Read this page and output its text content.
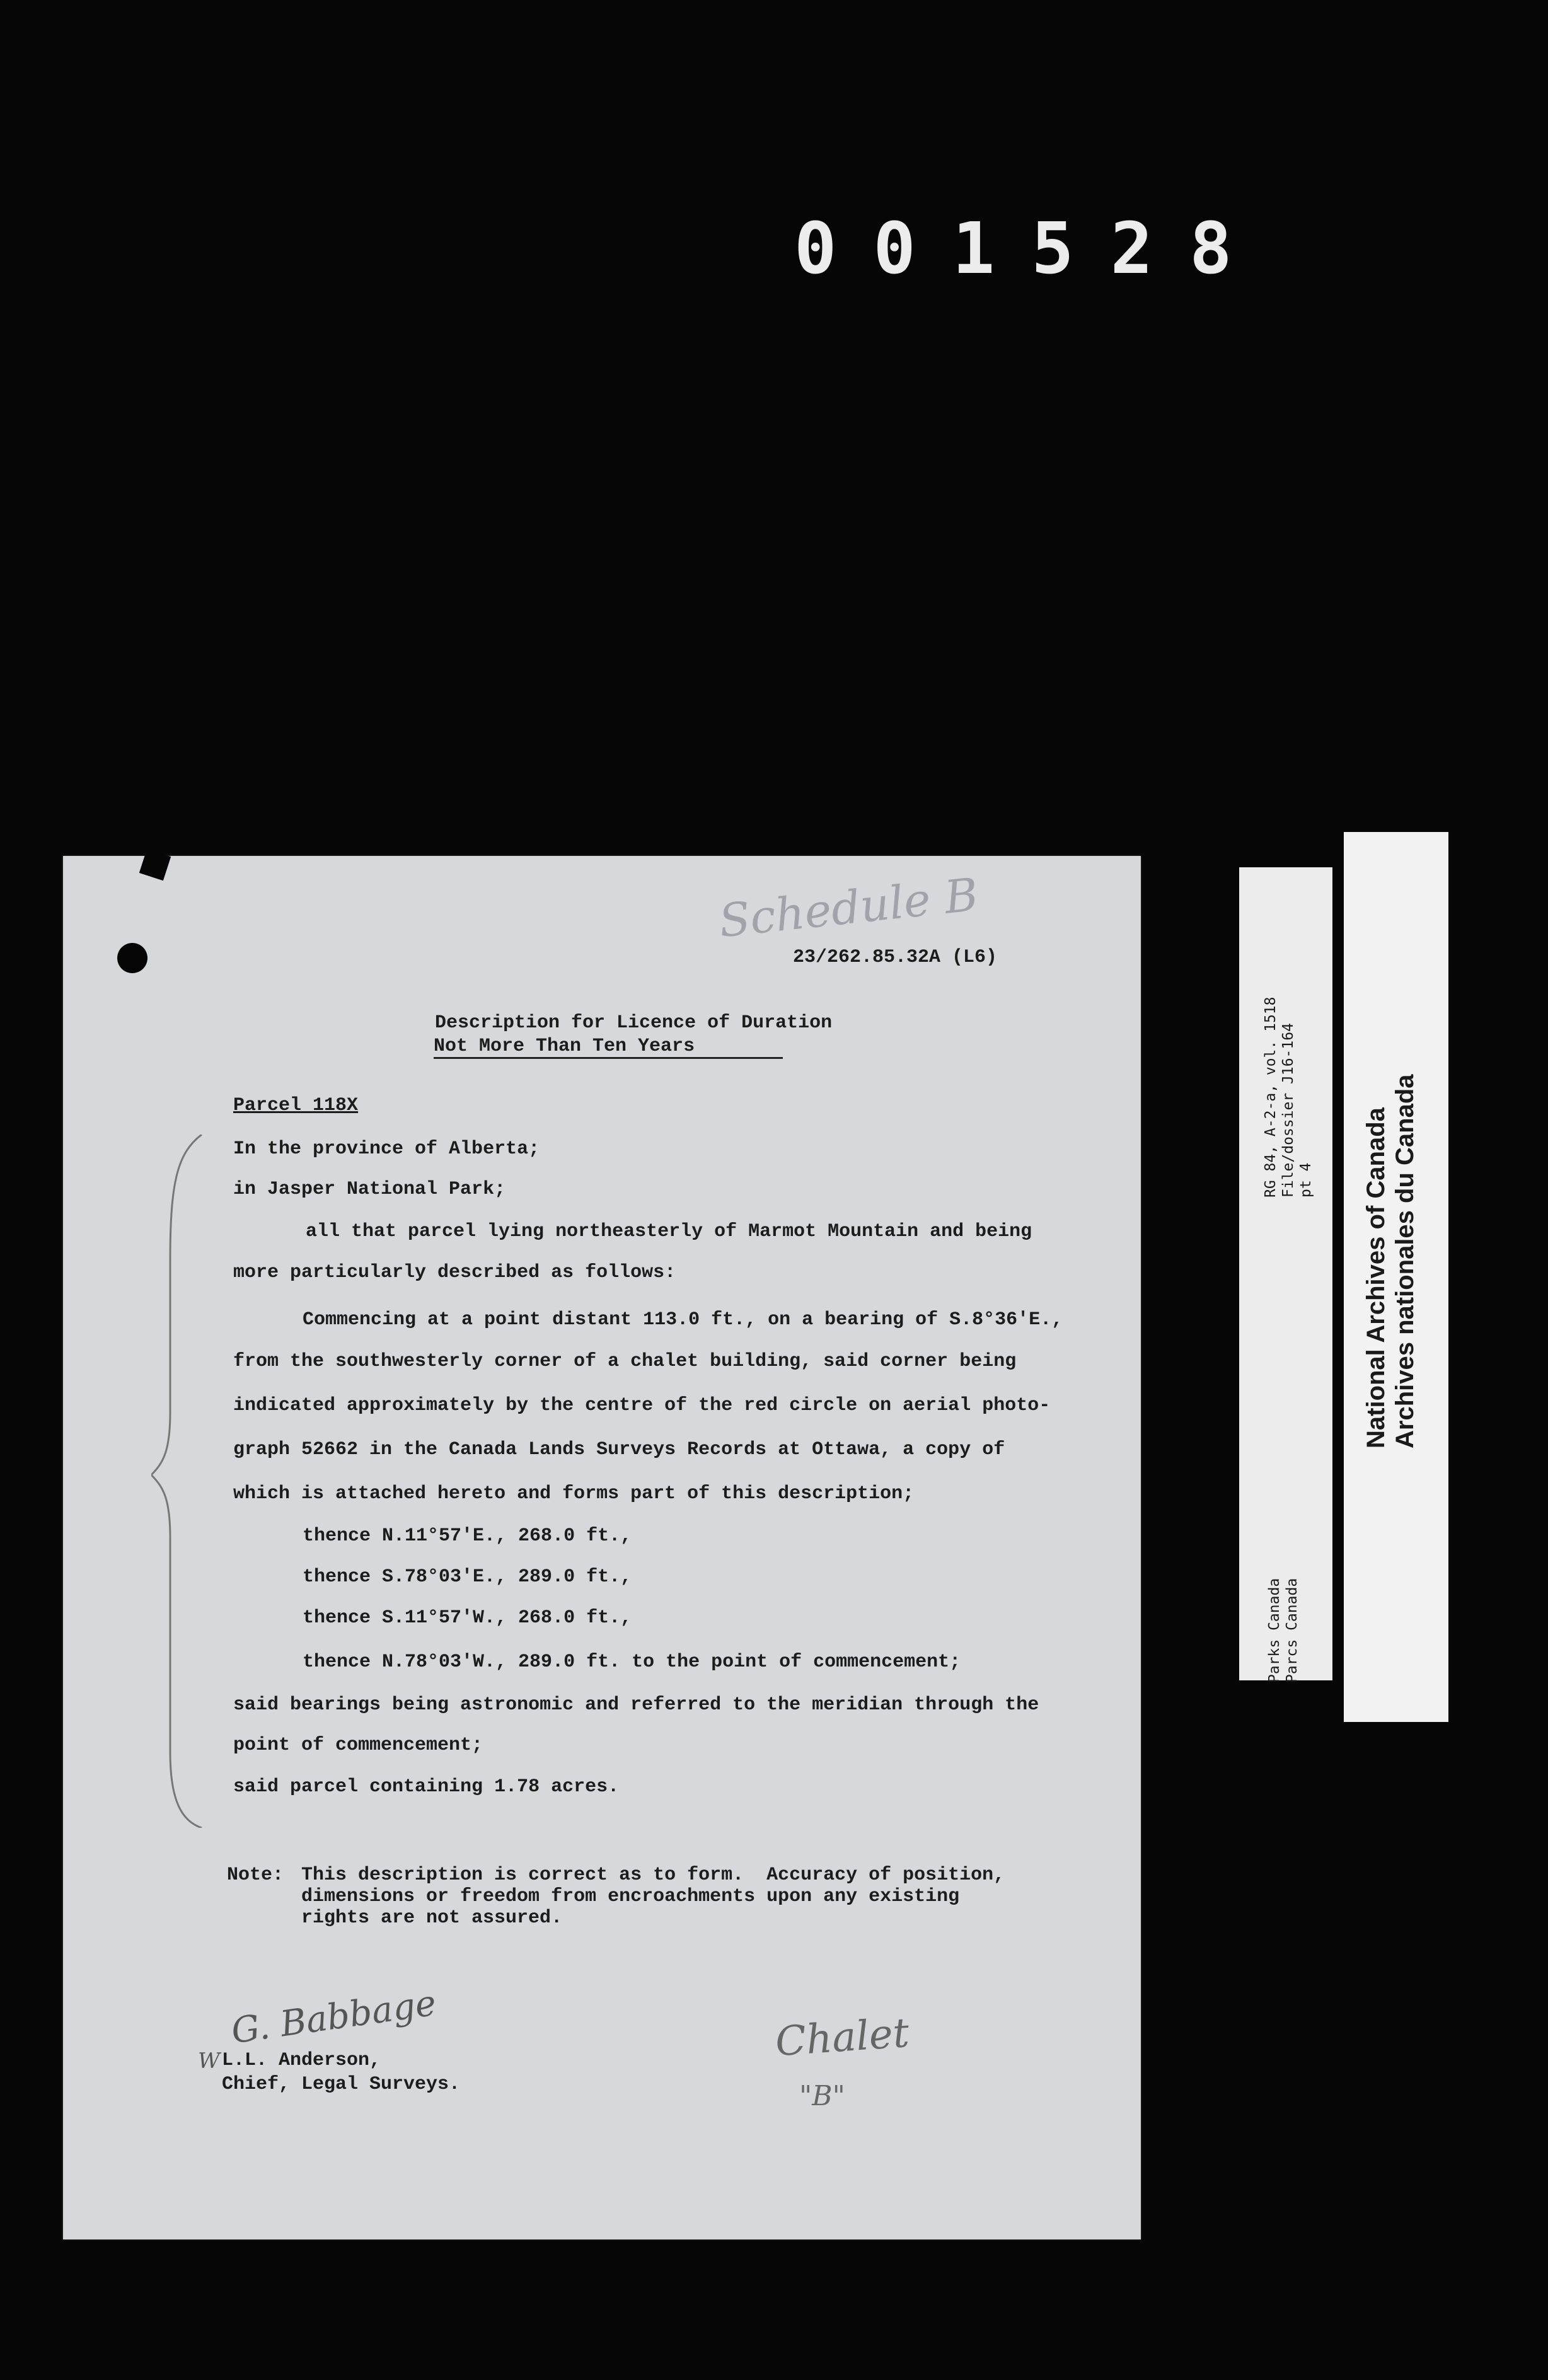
001528
Schedule B
23/262.85.32A (L6)
Description for Licence of Duration
Not More Than Ten Years
Parcel 118X
In the province of Alberta;
in Jasper National Park;
all that parcel lying northeasterly of Marmot Mountain and being
more particularly described as follows:
Commencing at a point distant 113.0 ft., on a bearing of S.8°36'E.,
from the southwesterly corner of a chalet building, said corner being
indicated approximately by the centre of the red circle on aerial photo-
graph 52662 in the Canada Lands Surveys Records at Ottawa, a copy of
which is attached hereto and forms part of this description;
thence N.11°57'E., 268.0 ft.,
thence S.78°03'E., 289.0 ft.,
thence S.11°57'W., 268.0 ft.,
thence N.78°03'W., 289.0 ft. to the point of commencement;
said bearings being astronomic and referred to the meridian through the
point of commencement;
said parcel containing 1.78 acres.
Note: This description is correct as to form.  Accuracy of position,
dimensions or freedom from encroachments upon any existing
rights are not assured.
G. Babbage
W L.L. Anderson,
Chief, Legal Surveys.
Chalet
"B"
RG 84, A-2-a, vol. 1518
File/dossier J16-164
pt 4
Parks Canada
Parcs Canada
National Archives of Canada
Archives nationales du Canada
